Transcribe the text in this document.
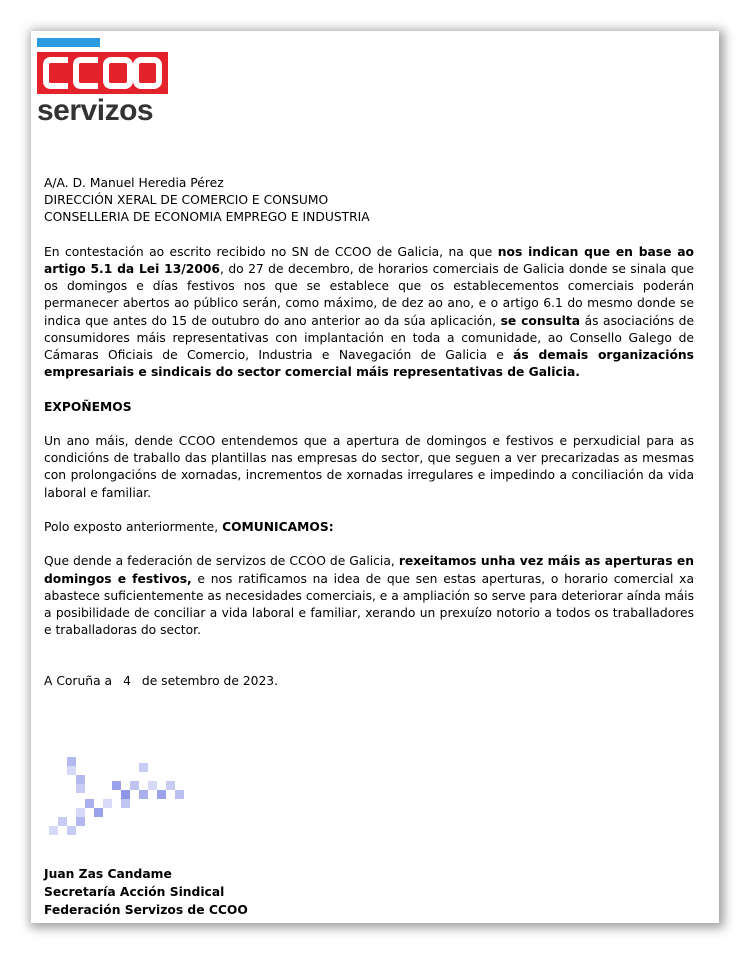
servizos

A/A. D. Manuel Heredia Pérez

DIRECCIÓN XERAL DE COMERCIO E CONSUMO

CONSELLERIA DE ECONOMIA EMPREGO E INDUSTRIA

En contestación ao escrito recibido no SN de CCOO de Galicia, na que nos indican que en base ao artigo 5.1 da Lei 13/2006, do 27 de decembro, de horarios comerciais de Galicia donde se sinala que os domingos e días festivos nos que se establece que os establecementos comerciais poderán permanecer abertos ao público serán, como máximo, de dez ao ano, e o artigo 6.1 do mesmo donde se indica que antes do 15 de outubro do ano anterior ao da súa aplicación, se consulta ás asociacións de consumidores máis representativas con implantación en toda a comunidade, ao Consello Galego de Cámaras Oficiais de Comercio, Industria e Navegación de Galicia e ás demais organizacións empresariais e sindicais do sector comercial máis representativas de Galicia.

EXPOÑEMOS

Un ano máis, dende CCOO entendemos que a apertura de domingos e festivos e perxudicial para as condicións de traballo das plantillas nas empresas do sector, que seguen a ver precarizadas as mesmas con prolongacións de xornadas, incrementos de xornadas irregulares e impedindo a conciliación da vida laboral e familiar.

Polo exposto anteriormente, COMUNICAMOS:

Que dende a federación de servizos de CCOO de Galicia, rexeitamos unha vez máis as aperturas en domingos e festivos, e nos ratificamos na idea de que sen estas aperturas, o horario comercial xa abastece suficientemente as necesidades comerciais, e a ampliación so serve para deteriorar aínda máis a posibilidade de conciliar a vida laboral e familiar, xerando un prexuízo notorio a todos os traballadores e traballadoras do sector.

A Coruña a 4 de setembro de 2023.

Juan Zas Candame
Secretaría Acción Sindical
Federación Servizos de CCOO
